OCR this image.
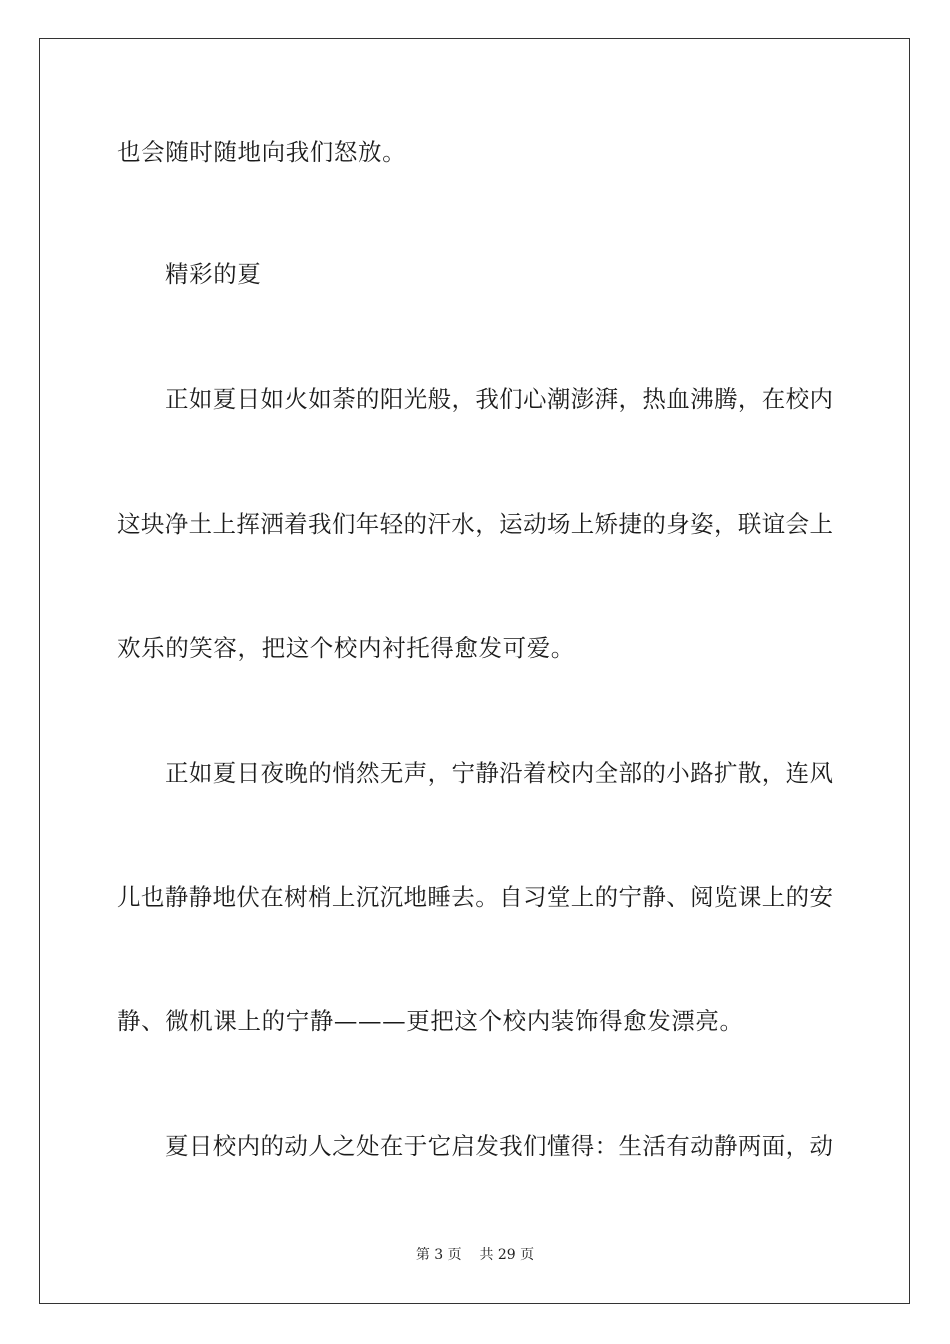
也会随时随地向我们怒放。
精彩的夏
正如夏日如火如荼的阳光般，我们心潮澎湃，热血沸腾，在校内
这块净土上挥洒着我们年轻的汗水，运动场上矫捷的身姿，联谊会上
欢乐的笑容，把这个校内衬托得愈发可爱。
正如夏日夜晚的悄然无声，宁静沿着校内全部的小路扩散，连风
儿也静静地伏在树梢上沉沉地睡去。自习堂上的宁静、阅览课上的安
静、微机课上的宁静———更把这个校内装饰得愈发漂亮。
夏日校内的动人之处在于它启发我们懂得：生活有动静两面，动
第 3 页 共 29 页
